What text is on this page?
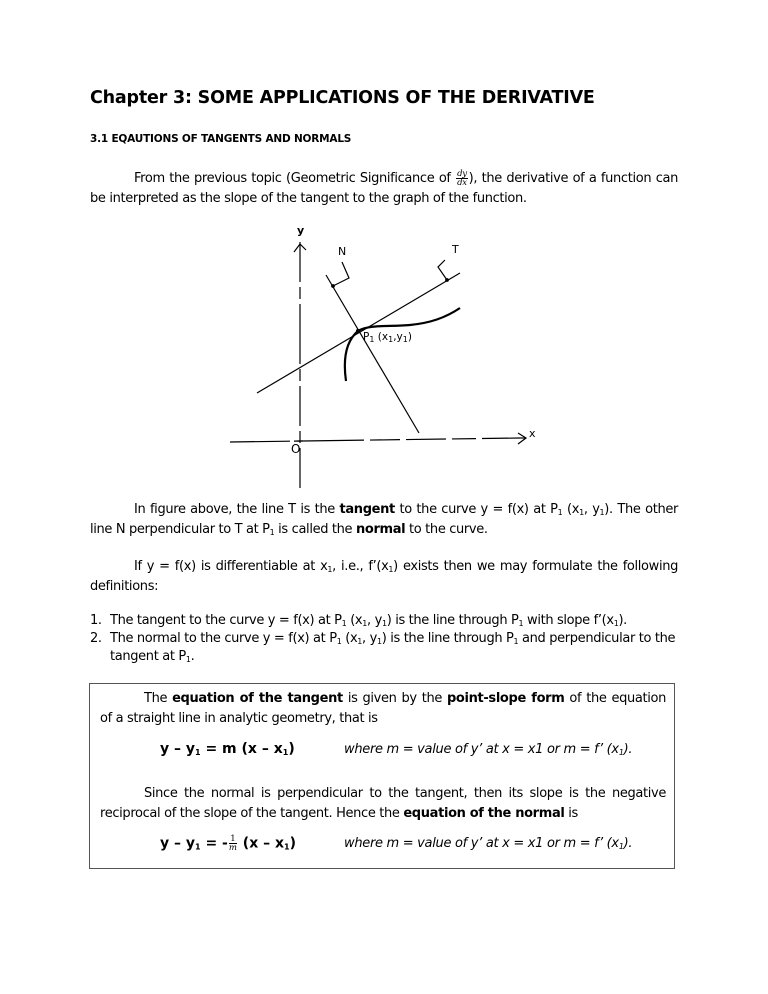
Chapter 3: SOME APPLICATIONS OF THE DERIVATIVE
3.1 EQAUTIONS OF TANGENTS AND NORMALS
From the previous topic (Geometric Significance of $\frac{dy}{dx}$ ), the derivative of a function can be interpreted as the slope of the tangent to the graph of the function.
y
x
O
N	T
$P_1$ $(x_1,y_1)$
In figure above, the line T is the tangent to the curve y = f(x) at $P_1$ ($x_1$, $y_1$). The other line N perpendicular to T at $P_1$ is called the normal to the curve.
If y = f(x) is differentiable at $x_1$, i.e., $f’(x_1)$ exists then we may formulate the following definitions:
1. The tangent to the curve y = f(x) at $P_1$ ($x_1$, $y_1$) is the line through $P_1$ with slope $f’(x_1)$.
2. The normal to the curve y = f(x) at $P_1$ ($x_1$, $y_1$) is the line through $P_1$ and perpendicular to the tangent at $P_1$.
The equation of the tangent is given by the point-slope form of the equation of a straight line in analytic geometry, that is
$y - y_1 = m$ $(x - x_1)$	where m = value of y’ at x = x1 or m = f’ $(x_1)$.
Since the normal is perpendicular to the tangent, then its slope is the negative reciprocal of the slope of the tangent. Hence the equation of the normal is
y – $y_1$ = - $\frac{1}{m} (x - x_1)$	where m = value of y’ at x = x1 or m = f’ $(x_1)$.
